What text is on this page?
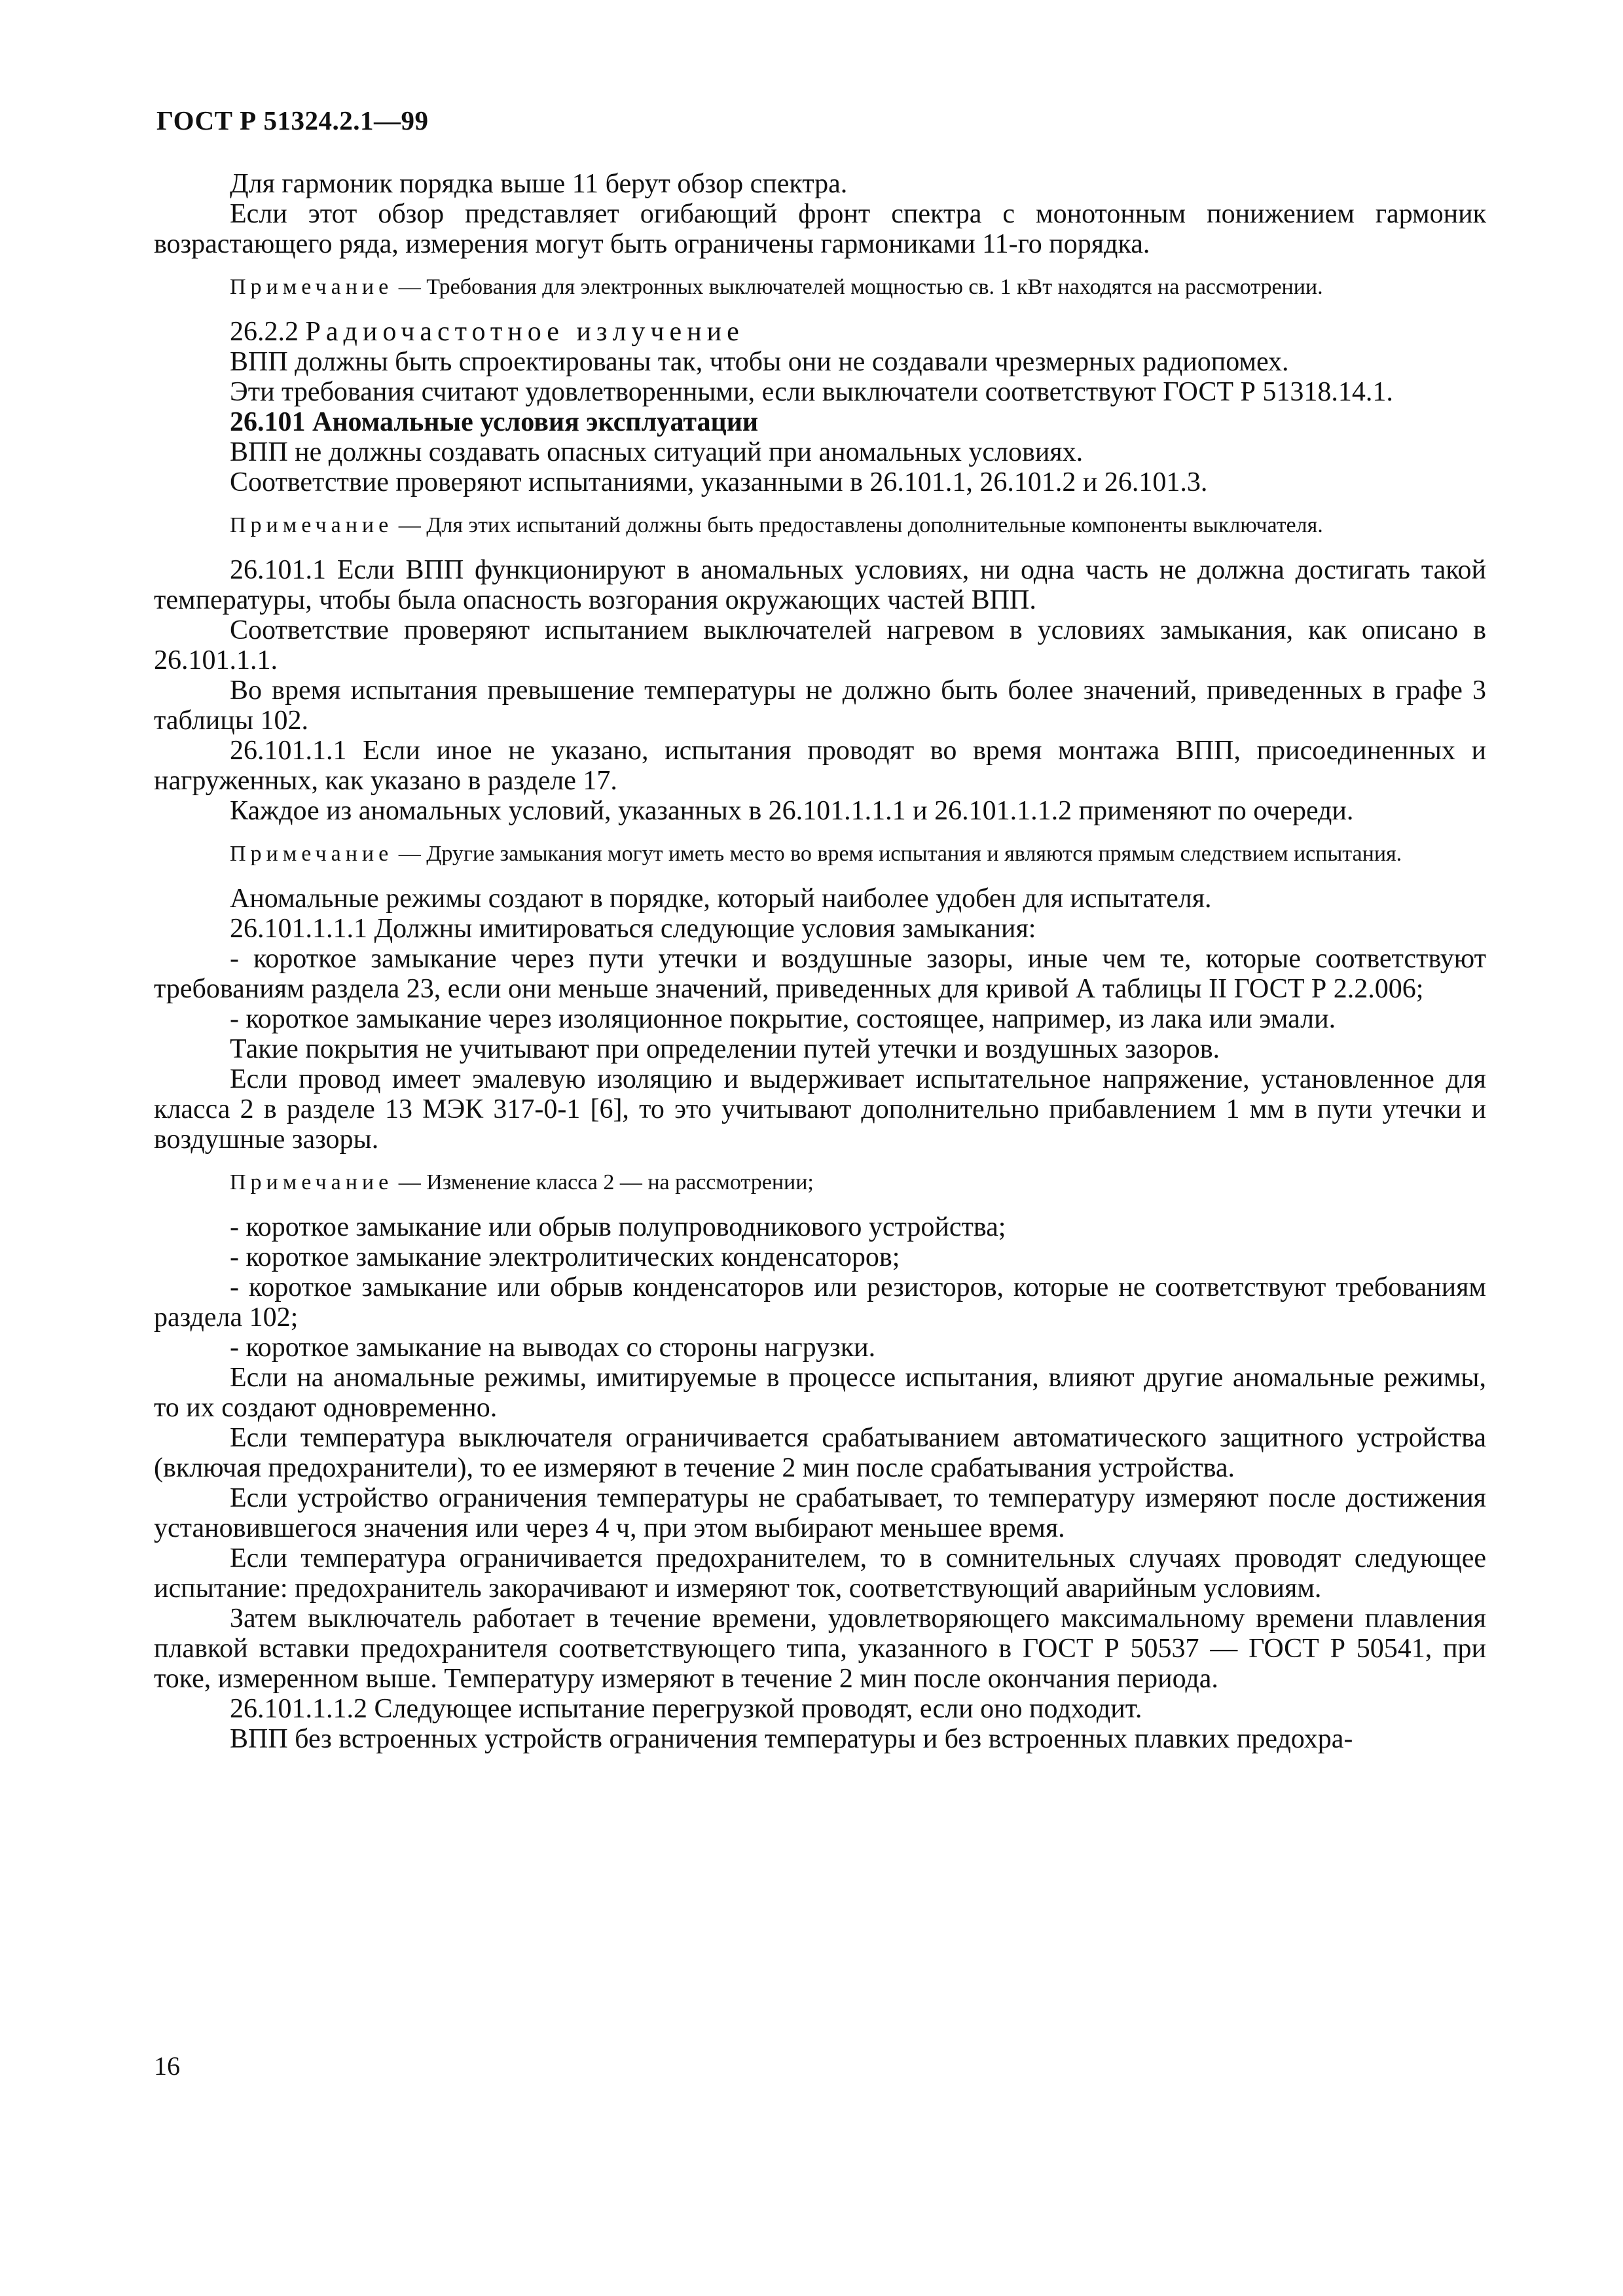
ГОСТ Р 51324.2.1—99

Для гармоник порядка выше 11 берут обзор спектра.

Если этот обзор представляет огибающий фронт спектра с монотонным понижением гармоник возрастающего ряда, измерения могут быть ограничены гармониками 11-го порядка.

Примечание — Требования для электронных выключателей мощностью св. 1 кВт находятся на рассмотрении.

26.2.2 Радиочастотное излучение

ВПП должны быть спроектированы так, чтобы они не создавали чрезмерных радиопомех.

Эти требования считают удовлетворенными, если выключатели соответствуют ГОСТ Р 51318.14.1.

26.101 Аномальные условия эксплуатации

ВПП не должны создавать опасных ситуаций при аномальных условиях.

Соответствие проверяют испытаниями, указанными в 26.101.1, 26.101.2 и 26.101.3.

Примечание — Для этих испытаний должны быть предоставлены дополнительные компоненты выключателя.

26.101.1 Если ВПП функционируют в аномальных условиях, ни одна часть не должна достигать такой температуры, чтобы была опасность возгорания окружающих частей ВПП.

Соответствие проверяют испытанием выключателей нагревом в условиях замыкания, как описано в 26.101.1.1.

Во время испытания превышение температуры не должно быть более значений, приведенных в графе 3 таблицы 102.

26.101.1.1 Если иное не указано, испытания проводят во время монтажа ВПП, присоединенных и нагруженных, как указано в разделе 17.

Каждое из аномальных условий, указанных в 26.101.1.1.1 и 26.101.1.1.2 применяют по очереди.

Примечание — Другие замыкания могут иметь место во время испытания и являются прямым следствием испытания.

Аномальные режимы создают в порядке, который наиболее удобен для испытателя.

26.101.1.1.1 Должны имитироваться следующие условия замыкания:

- короткое замыкание через пути утечки и воздушные зазоры, иные чем те, которые соответствуют требованиям раздела 23, если они меньше значений, приведенных для кривой А таблицы II ГОСТ Р 2.2.006;

- короткое замыкание через изоляционное покрытие, состоящее, например, из лака или эмали.

Такие покрытия не учитывают при определении путей утечки и воздушных зазоров.

Если провод имеет эмалевую изоляцию и выдерживает испытательное напряжение, установленное для класса 2 в разделе 13 МЭК 317-0-1 [6], то это учитывают дополнительно прибавлением 1 мм в пути утечки и воздушные зазоры.

Примечание — Изменение класса 2 — на рассмотрении;

- короткое замыкание или обрыв полупроводникового устройства;

- короткое замыкание электролитических конденсаторов;

- короткое замыкание или обрыв конденсаторов или резисторов, которые не соответствуют требованиям раздела 102;

- короткое замыкание на выводах со стороны нагрузки.

Если на аномальные режимы, имитируемые в процессе испытания, влияют другие аномальные режимы, то их создают одновременно.

Если температура выключателя ограничивается срабатыванием автоматического защитного устройства (включая предохранители), то ее измеряют в течение 2 мин после срабатывания устройства.

Если устройство ограничения температуры не срабатывает, то температуру измеряют после достижения установившегося значения или через 4 ч, при этом выбирают меньшее время.

Если температура ограничивается предохранителем, то в сомнительных случаях проводят следующее испытание: предохранитель закорачивают и измеряют ток, соответствующий аварийным условиям.

Затем выключатель работает в течение времени, удовлетворяющего максимальному времени плавления плавкой вставки предохранителя соответствующего типа, указанного в ГОСТ Р 50537 — ГОСТ Р 50541, при токе, измеренном выше. Температуру измеряют в течение 2 мин после окончания периода.

26.101.1.1.2 Следующее испытание перегрузкой проводят, если оно подходит.

ВПП без встроенных устройств ограничения температуры и без встроенных плавких предохра-

16
